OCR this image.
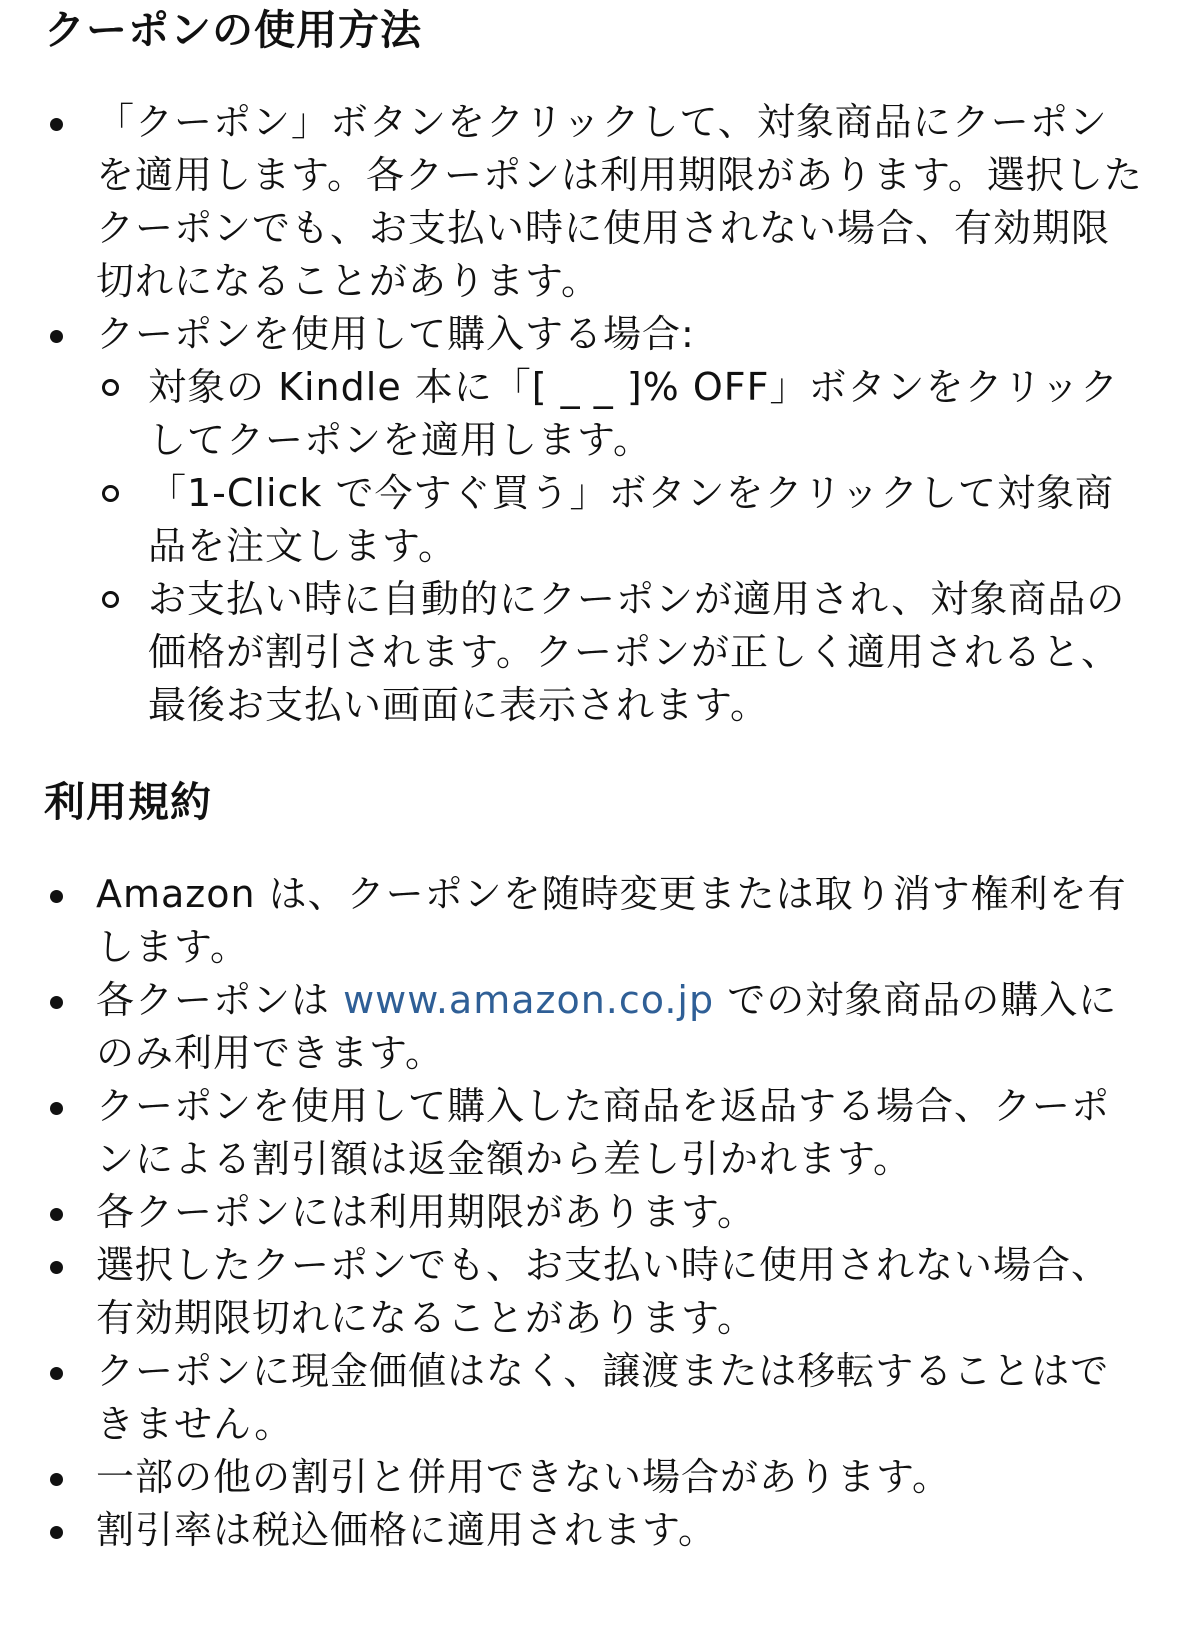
クーポンの使用方法
「クーポン」ボタンをクリックして、対象商品にクーポンを適用します。各クーポンは利用期限があります。選択したクーポンでも、お支払い時に使用されない場合、有効期限切れになることがあります。
クーポンを使用して購入する場合:
対象の Kindle 本に「[ _ _ ]% OFF」ボタンをクリックしてクーポンを適用します。
「1-Click で今すぐ買う」ボタンをクリックして対象商品を注文します。
お支払い時に自動的にクーポンが適用され、対象商品の価格が割引されます。クーポンが正しく適用されると、最後お支払い画面に表示されます。
利用規約
Amazon は、クーポンを随時変更または取り消す権利を有します。
各クーポンは www.amazon.co.jp での対象商品の購入にのみ利用できます。
クーポンを使用して購入した商品を返品する場合、クーポンによる割引額は返金額から差し引かれます。
各クーポンには利用期限があります。
選択したクーポンでも、お支払い時に使用されない場合、有効期限切れになることがあります。
クーポンに現金価値はなく、譲渡または移転することはできません。
一部の他の割引と併用できない場合があります。
割引率は税込価格に適用されます。
